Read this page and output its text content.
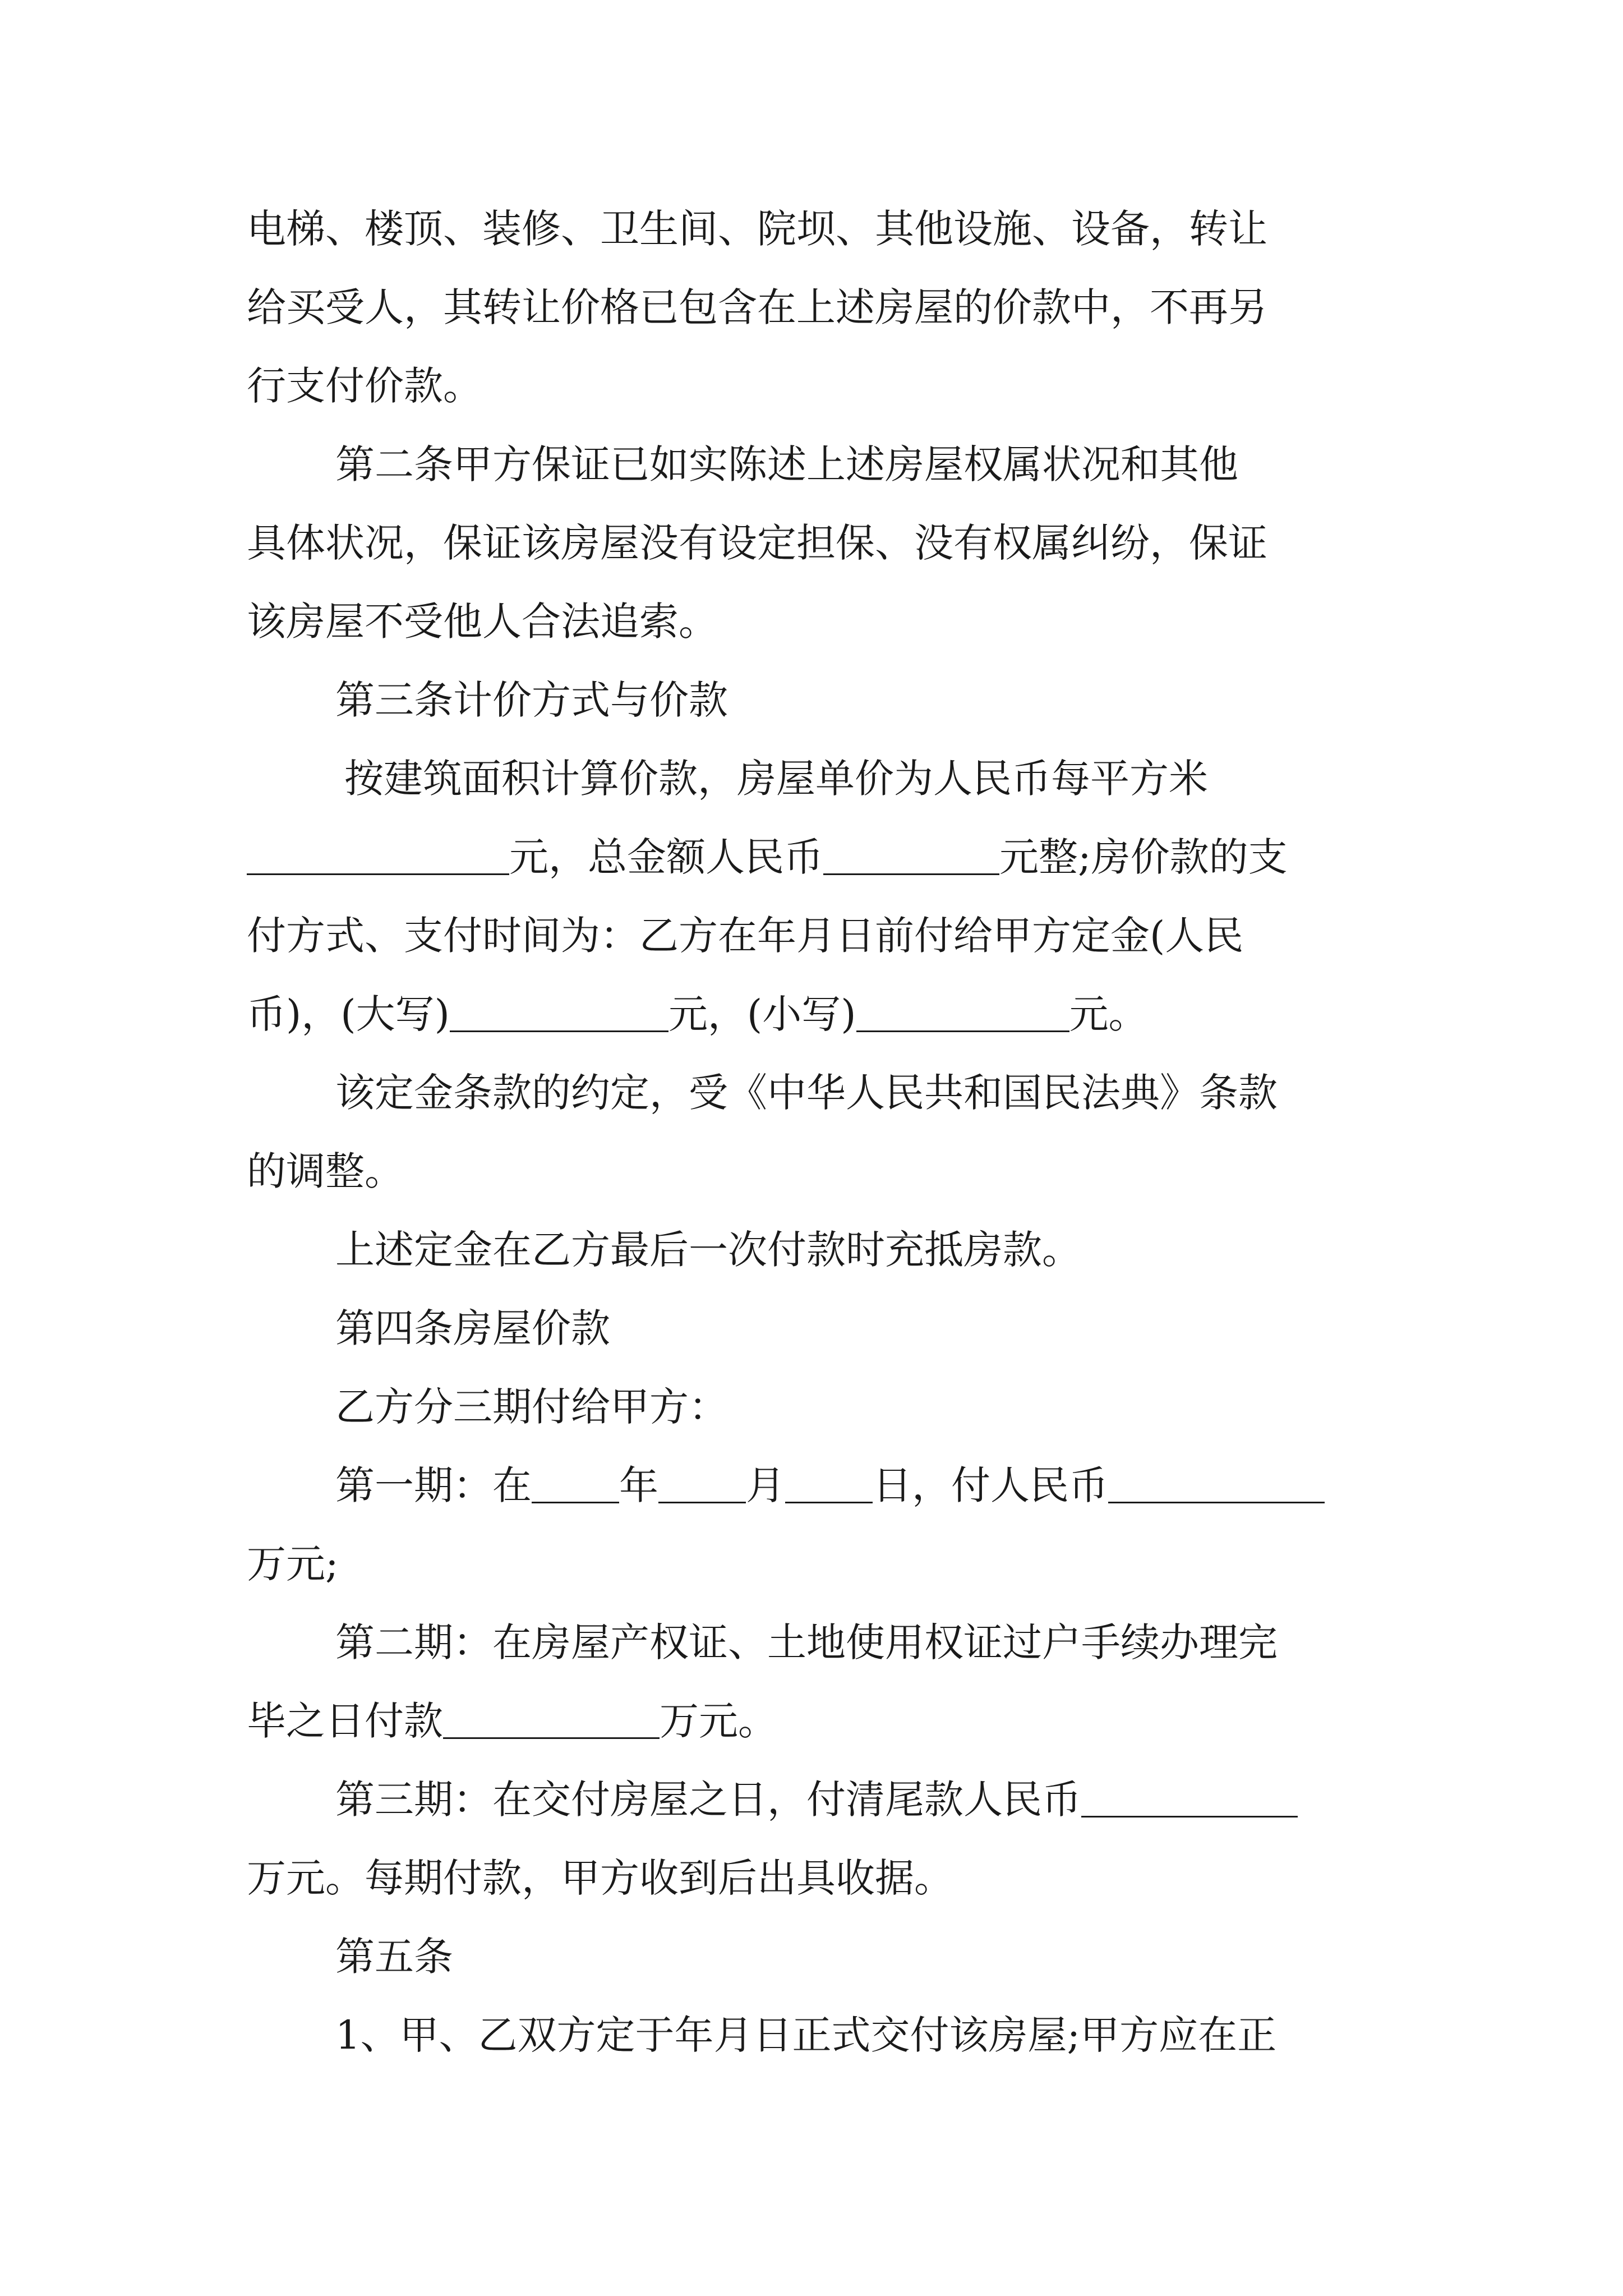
电梯、楼顶、装修、卫生间、院坝、其他设施、设备，转让
给买受人，其转让价格已包含在上述房屋的价款中，不再另
行支付价款。
第二条甲方保证已如实陈述上述房屋权属状况和其他
具体状况，保证该房屋没有设定担保、没有权属纠纷，保证
该房屋不受他人合法追索。
第三条计价方式与价款
按建筑面积计算价款，房屋单价为人民币每平方米
元，总金额人民币	元整;房价款的支
付方式、支付时间为：乙方在年月日前付给甲方定金(人民
币)，(大写)	元，(小写)	元。
该定金条款的约定，受《中华人民共和国民法典》条款
的调整。
上述定金在乙方最后一次付款时充抵房款。
第四条房屋价款
乙方分三期付给甲方：
第一期：在 年 月 日，付人民币
万元;
第二期：在房屋产权证、土地使用权证过户手续办理完
毕之日付款	万元。
第三期：在交付房屋之日，付清尾款人民币
万元。每期付款，甲方收到后出具收据。
第五条
1、甲、乙双方定于年月日正式交付该房屋;甲方应在正
